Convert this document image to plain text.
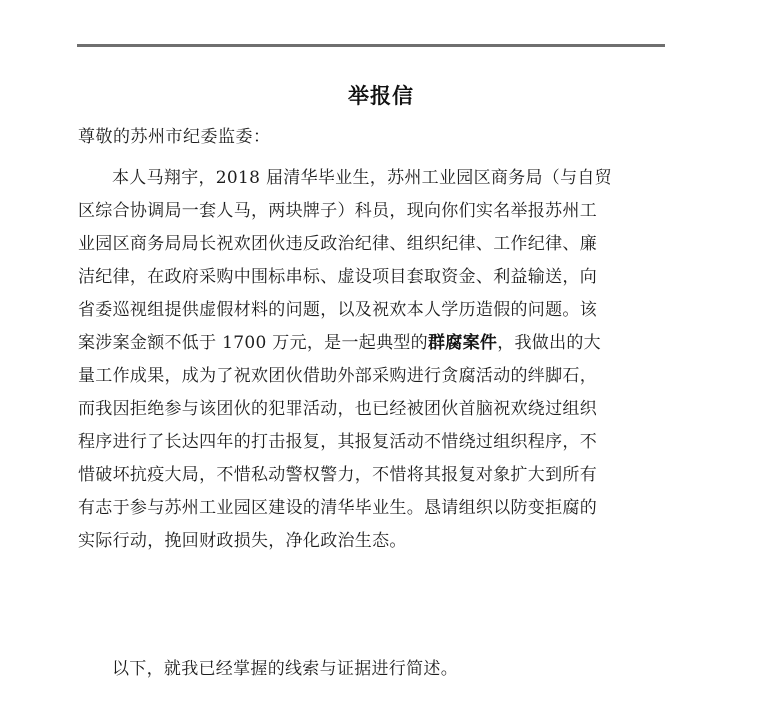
举报信
尊敬的苏州市纪委监委：
本人马翔宇，2018 届清华毕业生，苏州工业园区商务局（与自贸
区综合协调局一套人马，两块牌子）科员，现向你们实名举报苏州工
业园区商务局局长祝欢团伙违反政治纪律、组织纪律、工作纪律、廉
洁纪律，在政府采购中围标串标、虚设项目套取资金、利益输送，向
省委巡视组提供虚假材料的问题，以及祝欢本人学历造假的问题。该
案涉案金额不低于 1700 万元，是一起典型的群腐案件，我做出的大
量工作成果，成为了祝欢团伙借助外部采购进行贪腐活动的绊脚石，
而我因拒绝参与该团伙的犯罪活动，也已经被团伙首脑祝欢绕过组织
程序进行了长达四年的打击报复，其报复活动不惜绕过组织程序，不
惜破坏抗疫大局，不惜私动警权警力，不惜将其报复对象扩大到所有
有志于参与苏州工业园区建设的清华毕业生。恳请组织以防变拒腐的
实际行动，挽回财政损失，净化政治生态。
以下，就我已经掌握的线索与证据进行简述。
